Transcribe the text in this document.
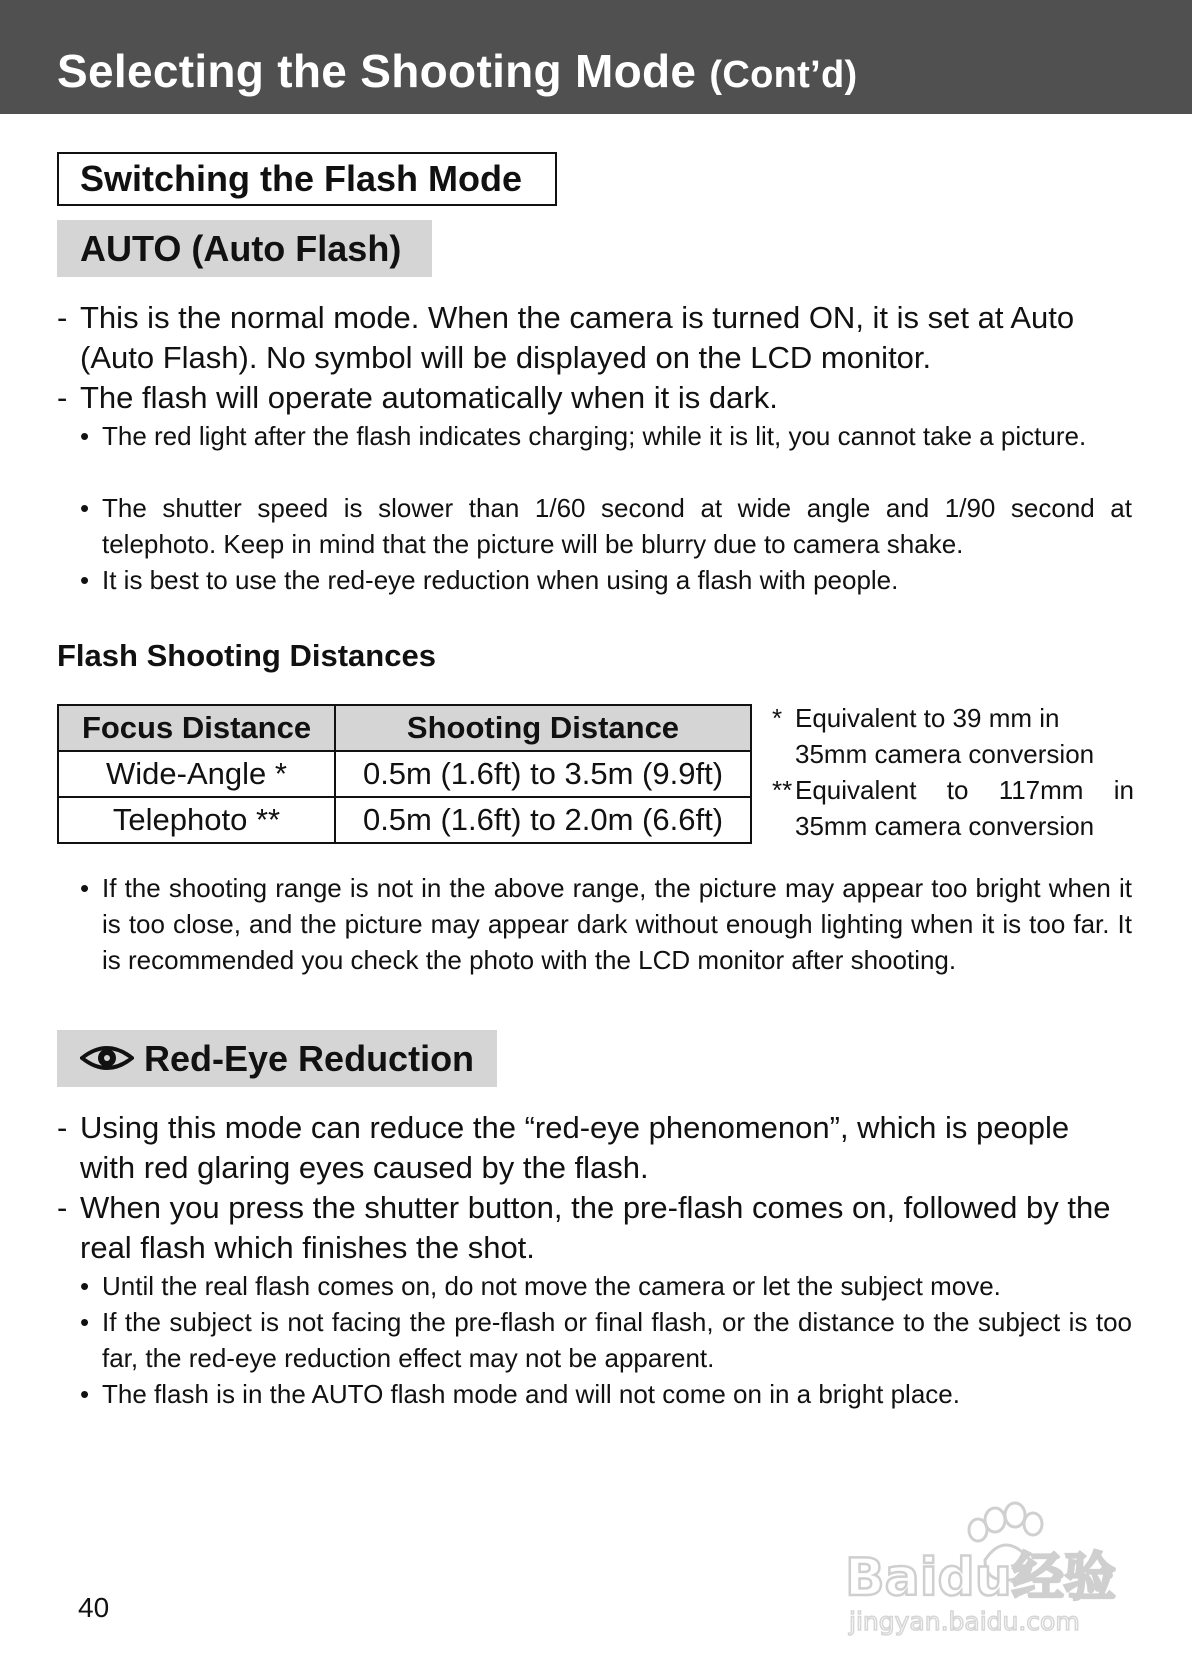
Selecting the Shooting Mode (Cont’d)
Switching the Flash Mode
AUTO (Auto Flash)
- This is the normal mode. When the camera is turned ON, it is set at Auto (Auto Flash). No symbol will be displayed on the LCD monitor.
- The flash will operate automatically when it is dark.
• The red light after the flash indicates charging; while it is lit, you cannot take a picture.
• The shutter speed is slower than 1/60 second at wide angle and 1/90 second at telephoto. Keep in mind that the picture will be blurry due to camera shake.
• It is best to use the red-eye reduction when using a flash with people.
Flash Shooting Distances
Focus Distance	Shooting Distance
Wide-Angle *	0.5m (1.6ft) to 3.5m (9.9ft)
Telephoto **	0.5m (1.6ft) to 2.0m (6.6ft)
* Equivalent to 39 mm in 35mm camera conversion
** Equivalent to 117mm in 35mm camera conversion
• If the shooting range is not in the above range, the picture may appear too bright when it is too close, and the picture may appear dark without enough lighting when it is too far. It is recommended you check the photo with the LCD monitor after shooting.
Red-Eye Reduction
- Using this mode can reduce the “red-eye phenomenon”, which is people with red glaring eyes caused by the flash.
- When you press the shutter button, the pre-flash comes on, followed by the real flash which finishes the shot.
• Until the real flash comes on, do not move the camera or let the subject move.
• If the subject is not facing the pre-flash or final flash, or the distance to the subject is too far, the red-eye reduction effect may not be apparent.
• The flash is in the AUTO flash mode and will not come on in a bright place.
40	Baidu经验
jingyan.baidu.com
